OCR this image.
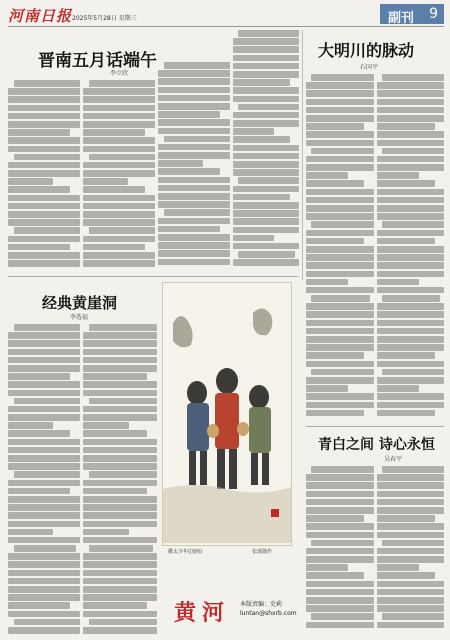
河南日报 2025年5月28日 星期三	副刊 9
晋南五月话端午
李立欣
大明川的脉动
石国平
经典黄崖洞
李选福
撒太少年(国画)	张落随作
青白之间 诗心永恒
吴春平
黄河 本版责编：史莉
luntan@shxrb.com
